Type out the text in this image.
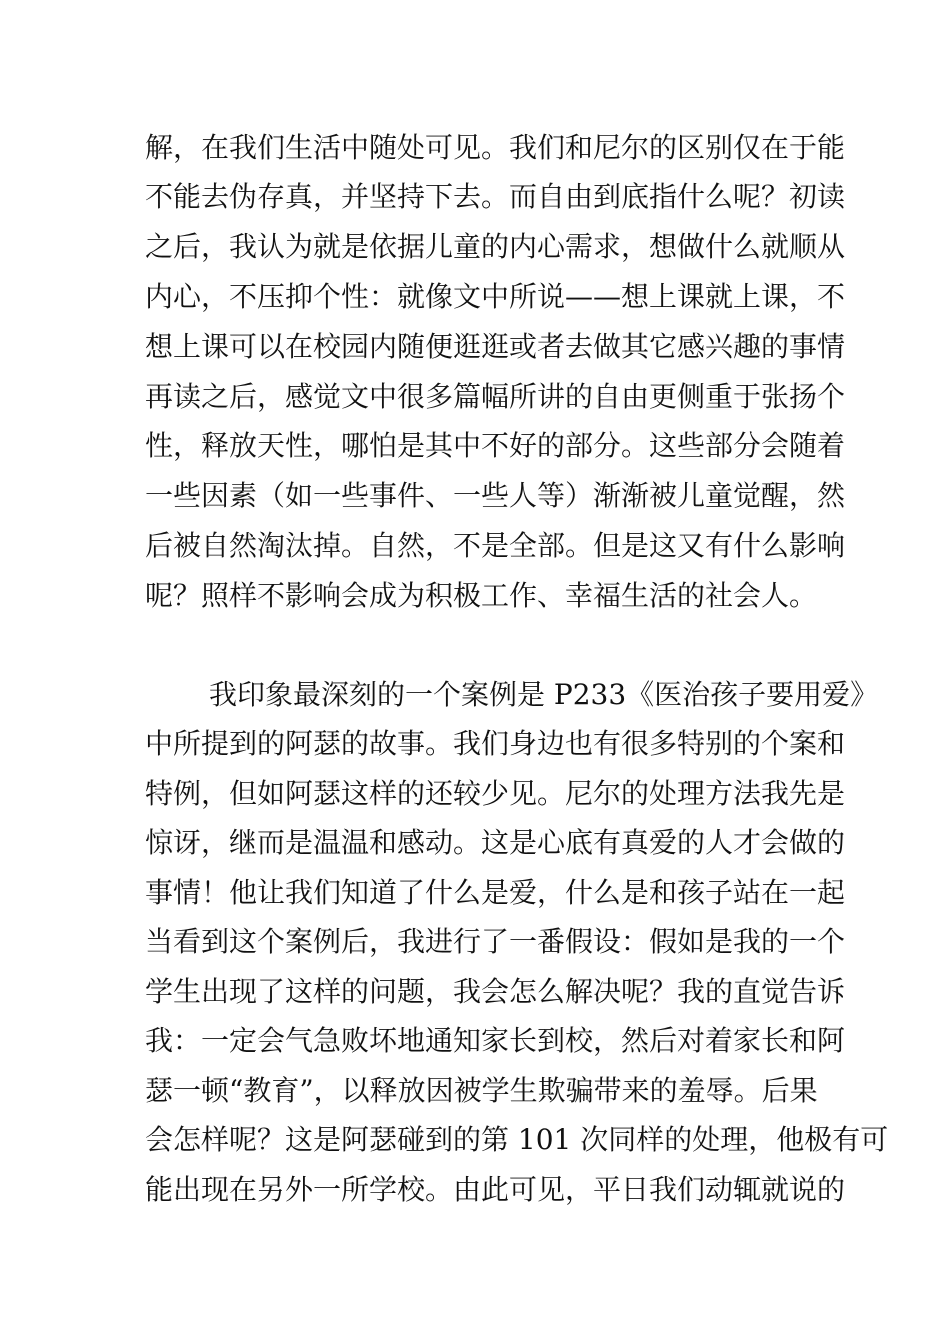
解，在我们生活中随处可见。我们和尼尔的区别仅在于能
不能去伪存真，并坚持下去。而自由到底指什么呢？初读
之后，我认为就是依据儿童的内心需求，想做什么就顺从
内心，不压抑个性：就像文中所说——想上课就上课，不
想上课可以在校园内随便逛逛或者去做其它感兴趣的事情
再读之后，感觉文中很多篇幅所讲的自由更侧重于张扬个
性，释放天性，哪怕是其中不好的部分。这些部分会随着
一些因素（如一些事件、一些人等）渐渐被儿童觉醒，然
后被自然淘汰掉。自然，不是全部。但是这又有什么影响
呢？照样不影响会成为积极工作、幸福生活的社会人。
我印象最深刻的一个案例是 P233《医治孩子要用爱》
中所提到的阿瑟的故事。我们身边也有很多特别的个案和
特例，但如阿瑟这样的还较少见。尼尔的处理方法我先是
惊讶，继而是温温和感动。这是心底有真爱的人才会做的
事情！他让我们知道了什么是爱，什么是和孩子站在一起
当看到这个案例后，我进行了一番假设：假如是我的一个
学生出现了这样的问题，我会怎么解决呢？我的直觉告诉
我：一定会气急败坏地通知家长到校，然后对着家长和阿
瑟一顿“教育”，以释放因被学生欺骗带来的羞辱。后果
会怎样呢？这是阿瑟碰到的第 101 次同样的处理，他极有可
能出现在另外一所学校。由此可见，平日我们动辄就说的
